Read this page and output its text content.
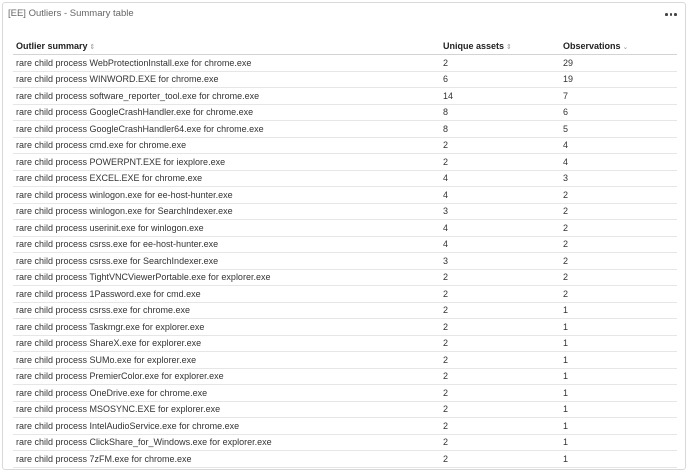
[EE] Outliers - Summary table
Outlier summary ⇕	Unique assets ⇕	Observations ⌄
rare child process WebProtectionInstall.exe for chrome.exe	2	29
rare child process WINWORD.EXE for chrome.exe	6	19
rare child process software_reporter_tool.exe for chrome.exe	14	7
rare child process GoogleCrashHandler.exe for chrome.exe	8	6
rare child process GoogleCrashHandler64.exe for chrome.exe	8	5
rare child process cmd.exe for chrome.exe	2	4
rare child process POWERPNT.EXE for iexplore.exe	2	4
rare child process EXCEL.EXE for chrome.exe	4	3
rare child process winlogon.exe for ee-host-hunter.exe	4	2
rare child process winlogon.exe for SearchIndexer.exe	3	2
rare child process userinit.exe for winlogon.exe	4	2
rare child process csrss.exe for ee-host-hunter.exe	4	2
rare child process csrss.exe for SearchIndexer.exe	3	2
rare child process TightVNCViewerPortable.exe for explorer.exe	2	2
rare child process 1Password.exe for cmd.exe	2	2
rare child process csrss.exe for chrome.exe	2	1
rare child process Taskmgr.exe for explorer.exe	2	1
rare child process ShareX.exe for explorer.exe	2	1
rare child process SUMo.exe for explorer.exe	2	1
rare child process PremierColor.exe for explorer.exe	2	1
rare child process OneDrive.exe for chrome.exe	2	1
rare child process MSOSYNC.EXE for explorer.exe	2	1
rare child process IntelAudioService.exe for chrome.exe	2	1
rare child process ClickShare_for_Windows.exe for explorer.exe	2	1
rare child process 7zFM.exe for chrome.exe	2	1
